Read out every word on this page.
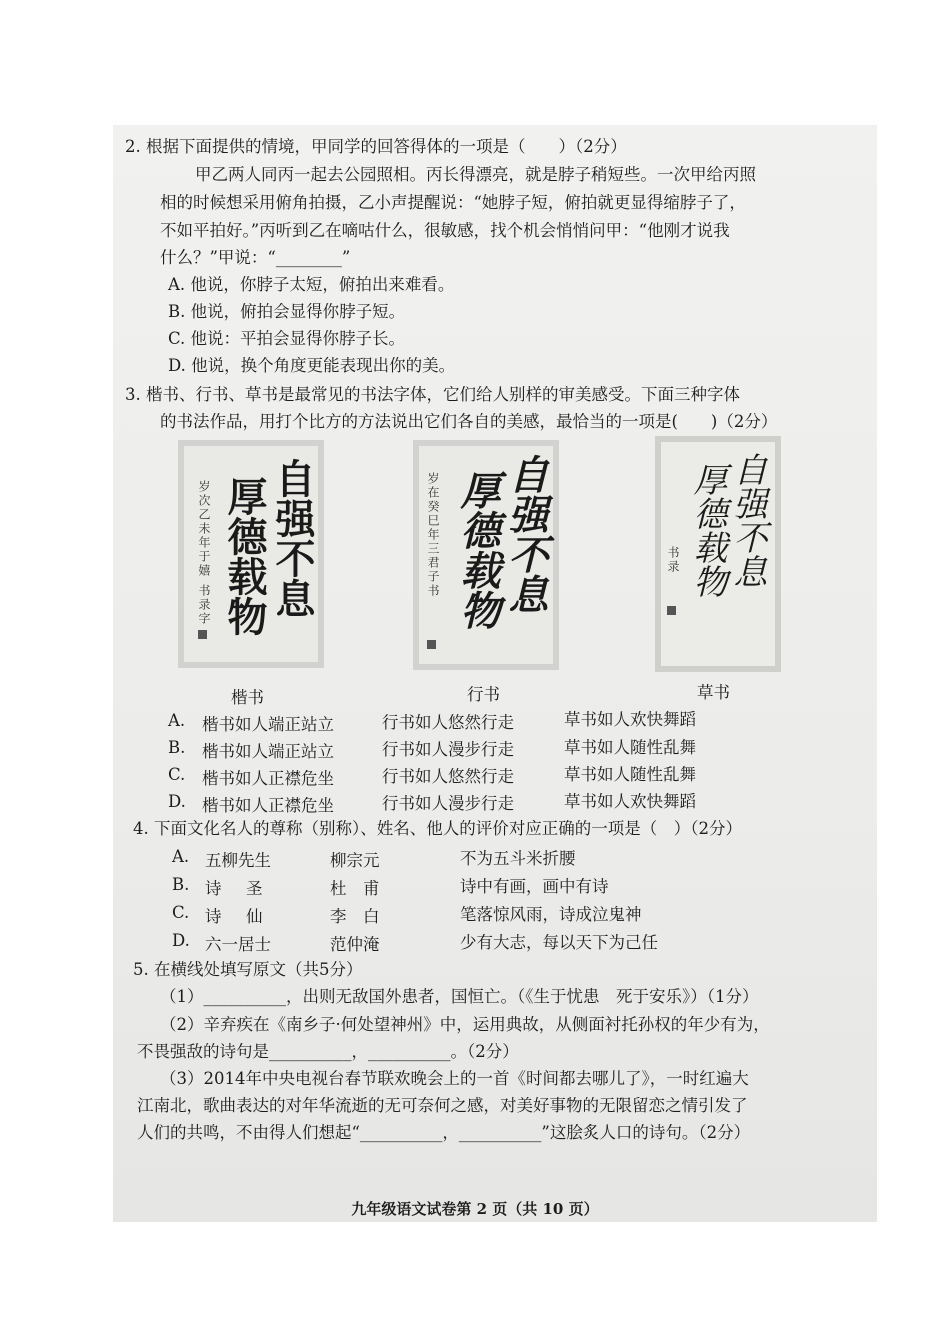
2. 根据下面提供的情境，甲同学的回答得体的一项是（　　）（2分）
甲乙两人同丙一起去公园照相。丙长得漂亮，就是脖子稍短些。一次甲给丙照
相的时候想采用俯角拍摄，乙小声提醒说：“她脖子短，俯拍就更显得缩脖子了，
不如平拍好。”丙听到乙在嘀咕什么，很敏感，找个机会悄悄问甲：“他刚才说我
什么？”甲说：“________”
A. 他说，你脖子太短，俯拍出来难看。
B. 他说，俯拍会显得你脖子短。
C. 他说：平拍会显得你脖子长。
D. 他说，换个角度更能表现出你的美。
3. 楷书、行书、草书是最常见的书法字体，它们给人别样的审美感受。下面三种字体
的书法作品，用打个比方的方法说出它们各自的美感，最恰当的一项是(　　)（2分）
自强不息
厚德载物
岁次乙未年于嬉 书录字
楷书
自强不息
厚德载物
岁在癸巳年三君子书
行书
自强不息
厚德载物
书录
草书
A. 楷书如人端正站立	行书如人悠然行走	草书如人欢快舞蹈
B. 楷书如人端正站立	行书如人漫步行走	草书如人随性乱舞
C. 楷书如人正襟危坐	行书如人悠然行走	草书如人随性乱舞
D. 楷书如人正襟危坐	行书如人漫步行走	草书如人欢快舞蹈
4. 下面文化名人的尊称（别称）、姓名、他人的评价对应正确的一项是（　）（2分）
A. 五柳先生	柳宗元	不为五斗米折腰
B. 诗　圣	杜　甫	诗中有画，画中有诗
C. 诗　仙	李　白	笔落惊风雨，诗成泣鬼神
D. 六一居士	范仲淹	少有大志，每以天下为己任
5. 在横线处填写原文（共5分）
（1）__________，出则无敌国外患者，国恒亡。（《生于忧患　死于安乐》）（1分）
（2）辛弃疾在《南乡子·何处望神州》中，运用典故，从侧面衬托孙权的年少有为，
不畏强敌的诗句是__________，__________。（2分）
（3）2014年中央电视台春节联欢晚会上的一首《时间都去哪儿了》，一时红遍大
江南北，歌曲表达的对年华流逝的无可奈何之感，对美好事物的无限留恋之情引发了
人们的共鸣，不由得人们想起“__________，__________”这脍炙人口的诗句。（2分）
九年级语文试卷第 2 页（共 10 页）
